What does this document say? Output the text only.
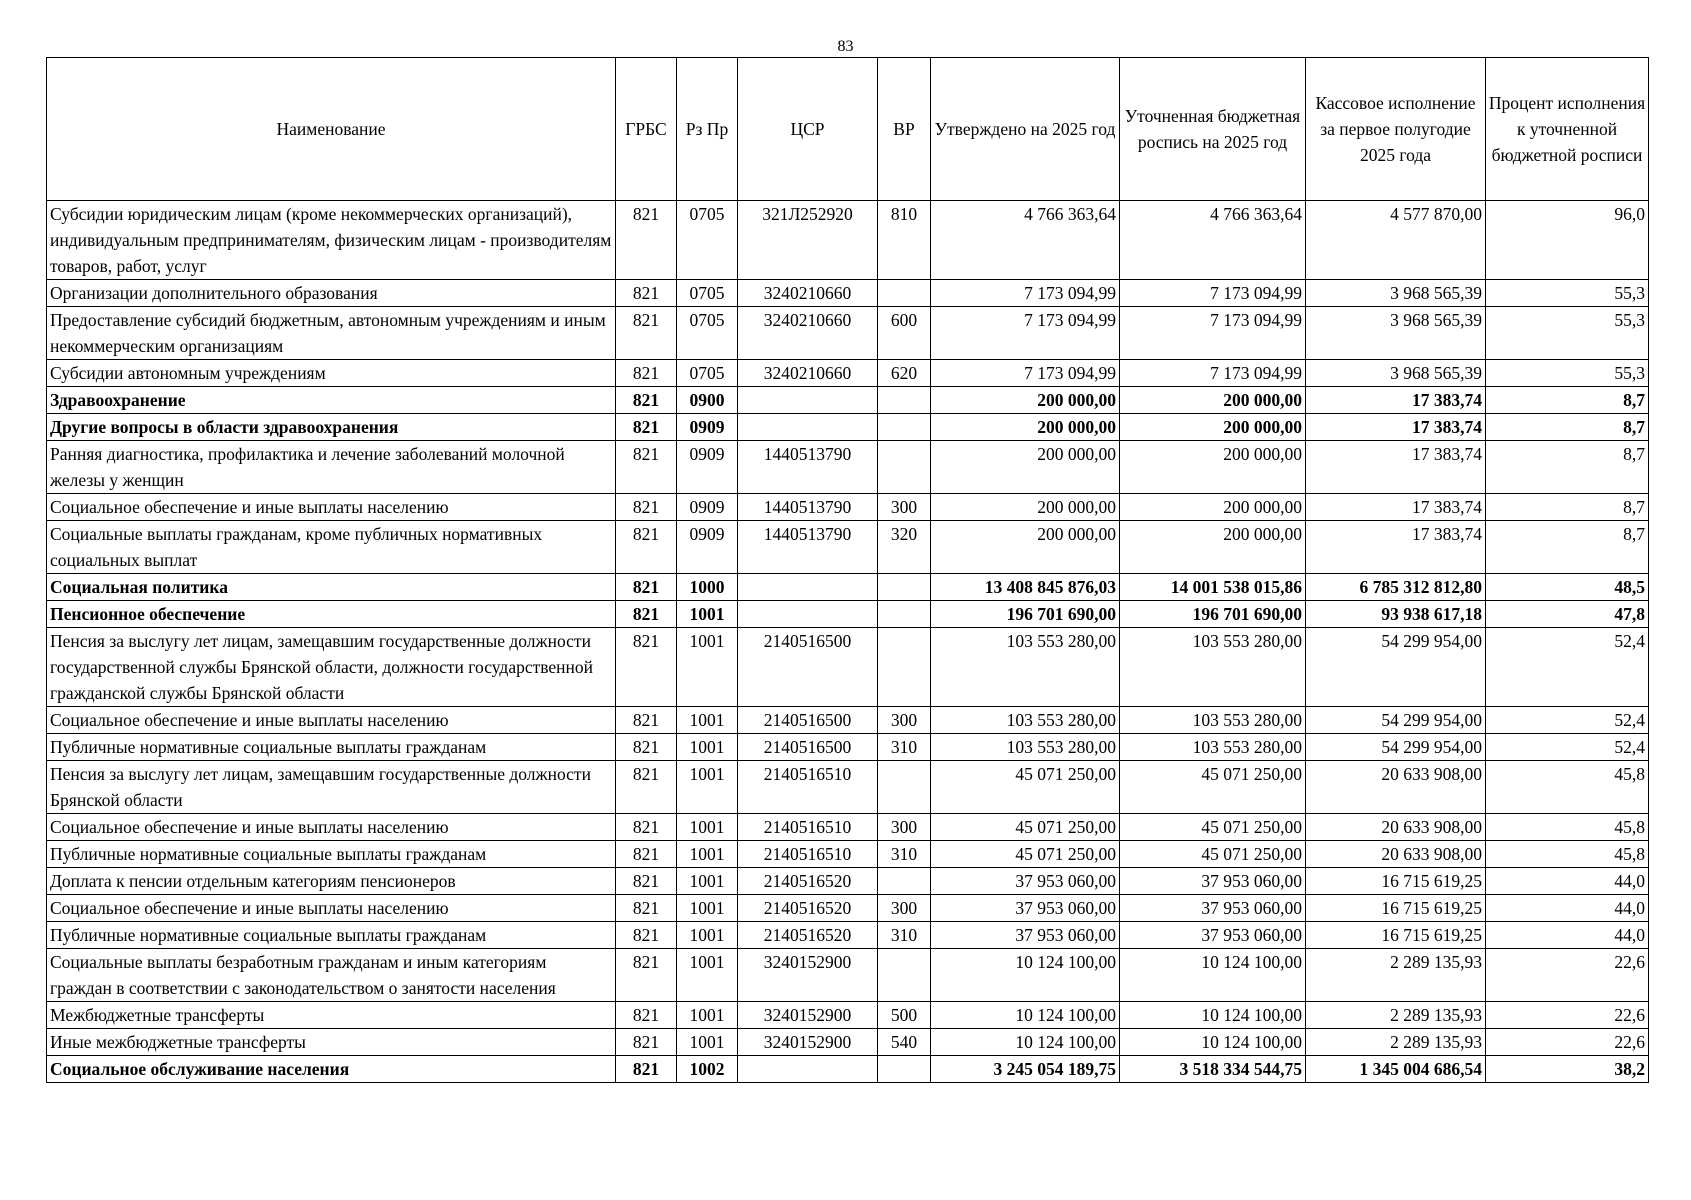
83
Наименование	ГРБС	Рз Пр	ЦСР	ВР	Утверждено на 2025 год	Уточненная бюджетная роспись на 2025 год	Кассовое исполнение за первое полугодие 2025 года	Процент исполнения к уточненной бюджетной росписи
Субсидии юридическим лицам (кроме некоммерческих организаций), индивидуальным предпринимателям, физическим лицам - производителям товаров, работ, услуг	821	0705	321Л252920	810	4 766 363,64	4 766 363,64	4 577 870,00	96,0
Организации дополнительного образования	821	0705	3240210660		7 173 094,99	7 173 094,99	3 968 565,39	55,3
Предоставление субсидий бюджетным, автономным учреждениям и иным некоммерческим организациям	821	0705	3240210660	600	7 173 094,99	7 173 094,99	3 968 565,39	55,3
Субсидии автономным учреждениям	821	0705	3240210660	620	7 173 094,99	7 173 094,99	3 968 565,39	55,3
Здравоохранение	821	0900			200 000,00	200 000,00	17 383,74	8,7
Другие вопросы в области здравоохранения	821	0909			200 000,00	200 000,00	17 383,74	8,7
Ранняя диагностика, профилактика и лечение заболеваний молочной железы у женщин	821	0909	1440513790		200 000,00	200 000,00	17 383,74	8,7
Социальное обеспечение и иные выплаты населению	821	0909	1440513790	300	200 000,00	200 000,00	17 383,74	8,7
Социальные выплаты гражданам, кроме публичных нормативных социальных выплат	821	0909	1440513790	320	200 000,00	200 000,00	17 383,74	8,7
Социальная политика	821	1000			13 408 845 876,03	14 001 538 015,86	6 785 312 812,80	48,5
Пенсионное обеспечение	821	1001			196 701 690,00	196 701 690,00	93 938 617,18	47,8
Пенсия за выслугу лет лицам, замещавшим государственные должности государственной службы Брянской области, должности государственной гражданской службы Брянской области	821	1001	2140516500		103 553 280,00	103 553 280,00	54 299 954,00	52,4
Социальное обеспечение и иные выплаты населению	821	1001	2140516500	300	103 553 280,00	103 553 280,00	54 299 954,00	52,4
Публичные нормативные социальные выплаты гражданам	821	1001	2140516500	310	103 553 280,00	103 553 280,00	54 299 954,00	52,4
Пенсия за выслугу лет лицам, замещавшим государственные должности Брянской области	821	1001	2140516510		45 071 250,00	45 071 250,00	20 633 908,00	45,8
Социальное обеспечение и иные выплаты населению	821	1001	2140516510	300	45 071 250,00	45 071 250,00	20 633 908,00	45,8
Публичные нормативные социальные выплаты гражданам	821	1001	2140516510	310	45 071 250,00	45 071 250,00	20 633 908,00	45,8
Доплата к пенсии отдельным категориям пенсионеров	821	1001	2140516520		37 953 060,00	37 953 060,00	16 715 619,25	44,0
Социальное обеспечение и иные выплаты населению	821	1001	2140516520	300	37 953 060,00	37 953 060,00	16 715 619,25	44,0
Публичные нормативные социальные выплаты гражданам	821	1001	2140516520	310	37 953 060,00	37 953 060,00	16 715 619,25	44,0
Социальные выплаты безработным гражданам и иным категориям граждан в соответствии с законодательством о занятости населения	821	1001	3240152900		10 124 100,00	10 124 100,00	2 289 135,93	22,6
Межбюджетные трансферты	821	1001	3240152900	500	10 124 100,00	10 124 100,00	2 289 135,93	22,6
Иные межбюджетные трансферты	821	1001	3240152900	540	10 124 100,00	10 124 100,00	2 289 135,93	22,6
Социальное обслуживание населения	821	1002			3 245 054 189,75	3 518 334 544,75	1 345 004 686,54	38,2
